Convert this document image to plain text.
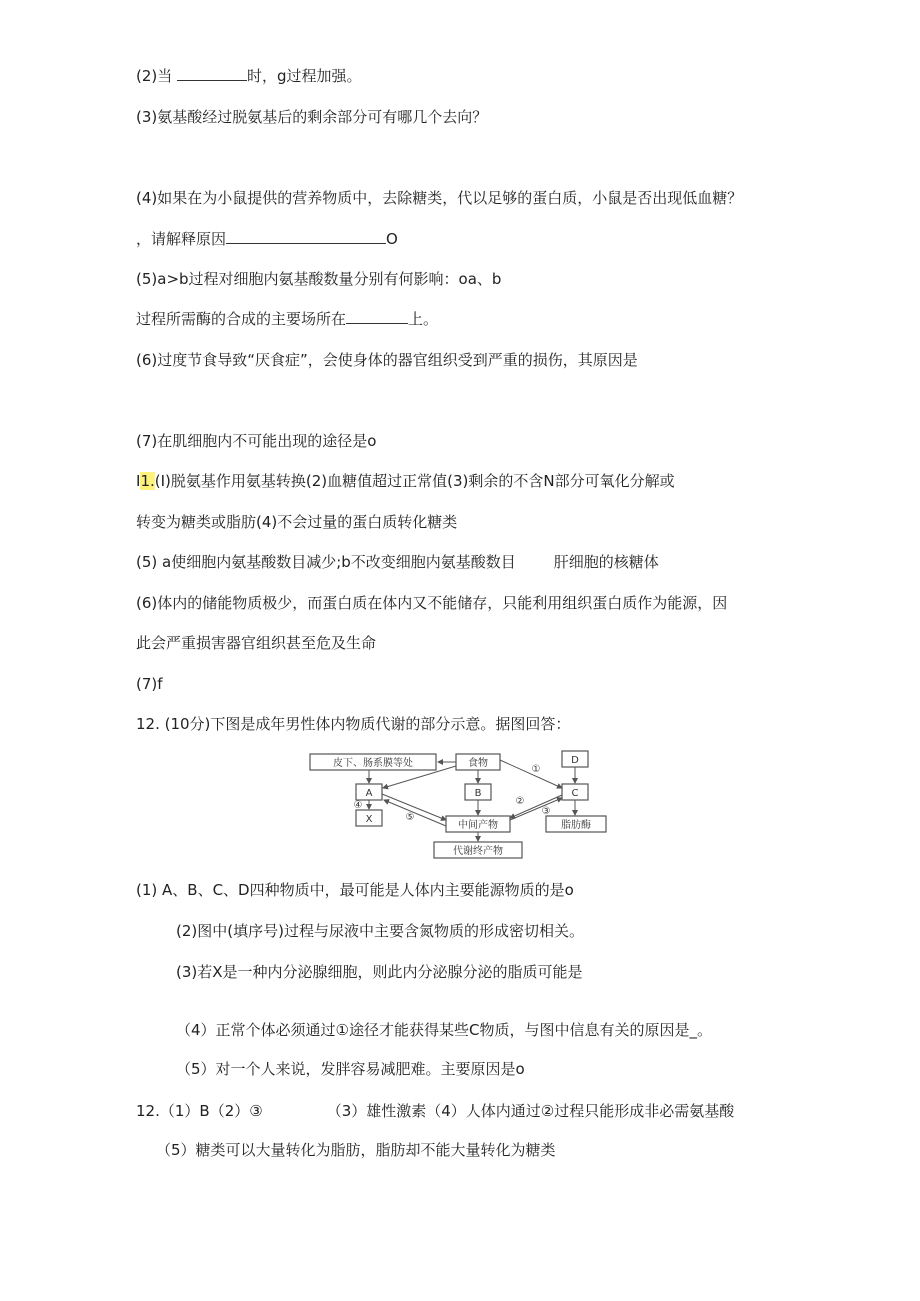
(2)当	时，g过程加强。
(3)氨基酸经过脱氨基后的剩余部分可有哪几个去向？
(4)如果在为小鼠提供的营养物质中，去除糖类，代以足够的蛋白质，小鼠是否出现低血糖？
，请解释原因	O
(5)a>b过程对细胞内氨基酸数量分别有何影响：oa、b
过程所需酶的合成的主要场所在	上。
(6)过度节食导致“厌食症”，会使身体的器官组织受到严重的损伤，其原因是
(7)在肌细胞内不可能出现的途径是o
I1.(I)脱氨基作用氨基转换(2)血糖值超过正常值(3)剩余的不含N部分可氧化分解或
转变为糖类或脂肪(4)不会过量的蛋白质转化糖类
(5) a使细胞内氨基酸数目减少;b不改变细胞内氨基酸数目	肝细胞的核糖体
(6)体内的储能物质极少，而蛋白质在体内又不能储存，只能利用组织蛋白质作为能源，因
此会严重损害器官组织甚至危及生命
(7)f
12. (10分)下图是成年男性体内物质代谢的部分示意。据图回答：
皮下、肠系膜等处	食物	D
A	B	C
X
中间产物	脂肪酶
代谢终产物
①
②
③
④
⑤
(1) A、B、C、D四种物质中，最可能是人体内主要能源物质的是o
(2)图中(填序号)过程与尿液中主要含氮物质的形成密切相关。
(3)若X是一种内分泌腺细胞，则此内分泌腺分泌的脂质可能是
（4）正常个体必须通过①途径才能获得某些C物质，与图中信息有关的原因是_。
（5）对一个人来说，发胖容易减肥难。主要原因是o
12.（1）B（2）③	（3）雄性激素（4）人体内通过②过程只能形成非必需氨基酸
（5）糖类可以大量转化为脂肪，脂肪却不能大量转化为糖类
